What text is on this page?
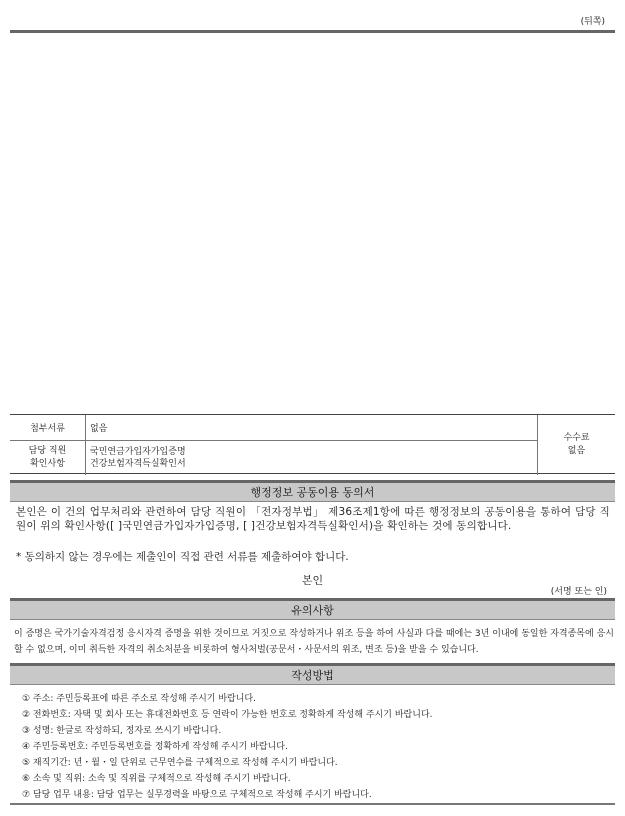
(뒤쪽)
첨부서류	없음
담당 직원
확인사항
국민연금가입자가입증명
건강보험자격득실확인서
수수료
없음
행정정보 공동이용 동의서
본인은 이 건의 업무처리와 관련하여 담당 직원이 「전자정부법」 제36조제1항에 따른 행정정보의 공동이용을 통하여 담당 직원이 위의 확인사항([ ]국민연금가입자가입증명, [ ]건강보험자격득실확인서)을 확인하는 것에 동의합니다.
* 동의하지 않는 경우에는 제출인이 직접 관련 서류를 제출하여야 합니다.
본인
(서명 또는 인)
유의사항
이 증명은 국가기술자격검정 응시자격 증명을 위한 것이므로 거짓으로 작성하거나 위조 등을 하여 사실과 다를 때에는 3년 이내에 동일한 자격종목에 응시할 수 없으며, 이미 취득한 자격의 취소처분을 비롯하여 형사처벌(공문서・사문서의 위조, 변조 등)을 받을 수 있습니다.
작성방법
① 주소: 주민등록표에 따른 주소로 작성해 주시기 바랍니다.
② 전화번호: 자택 및 회사 또는 휴대전화번호 등 연락이 가능한 번호로 정확하게 작성해 주시기 바랍니다.
③ 성명: 한글로 작성하되, 정자로 쓰시기 바랍니다.
④ 주민등록번호: 주민등록번호를 정확하게 작성해 주시기 바랍니다.
⑤ 재직기간: 년・월・일 단위로 근무연수를 구체적으로 작성해 주시기 바랍니다.
⑥ 소속 및 직위: 소속 및 직위를 구체적으로 작성해 주시기 바랍니다.
⑦ 담당 업무 내용: 담당 업무는 실무경력을 바탕으로 구체적으로 작성해 주시기 바랍니다.
